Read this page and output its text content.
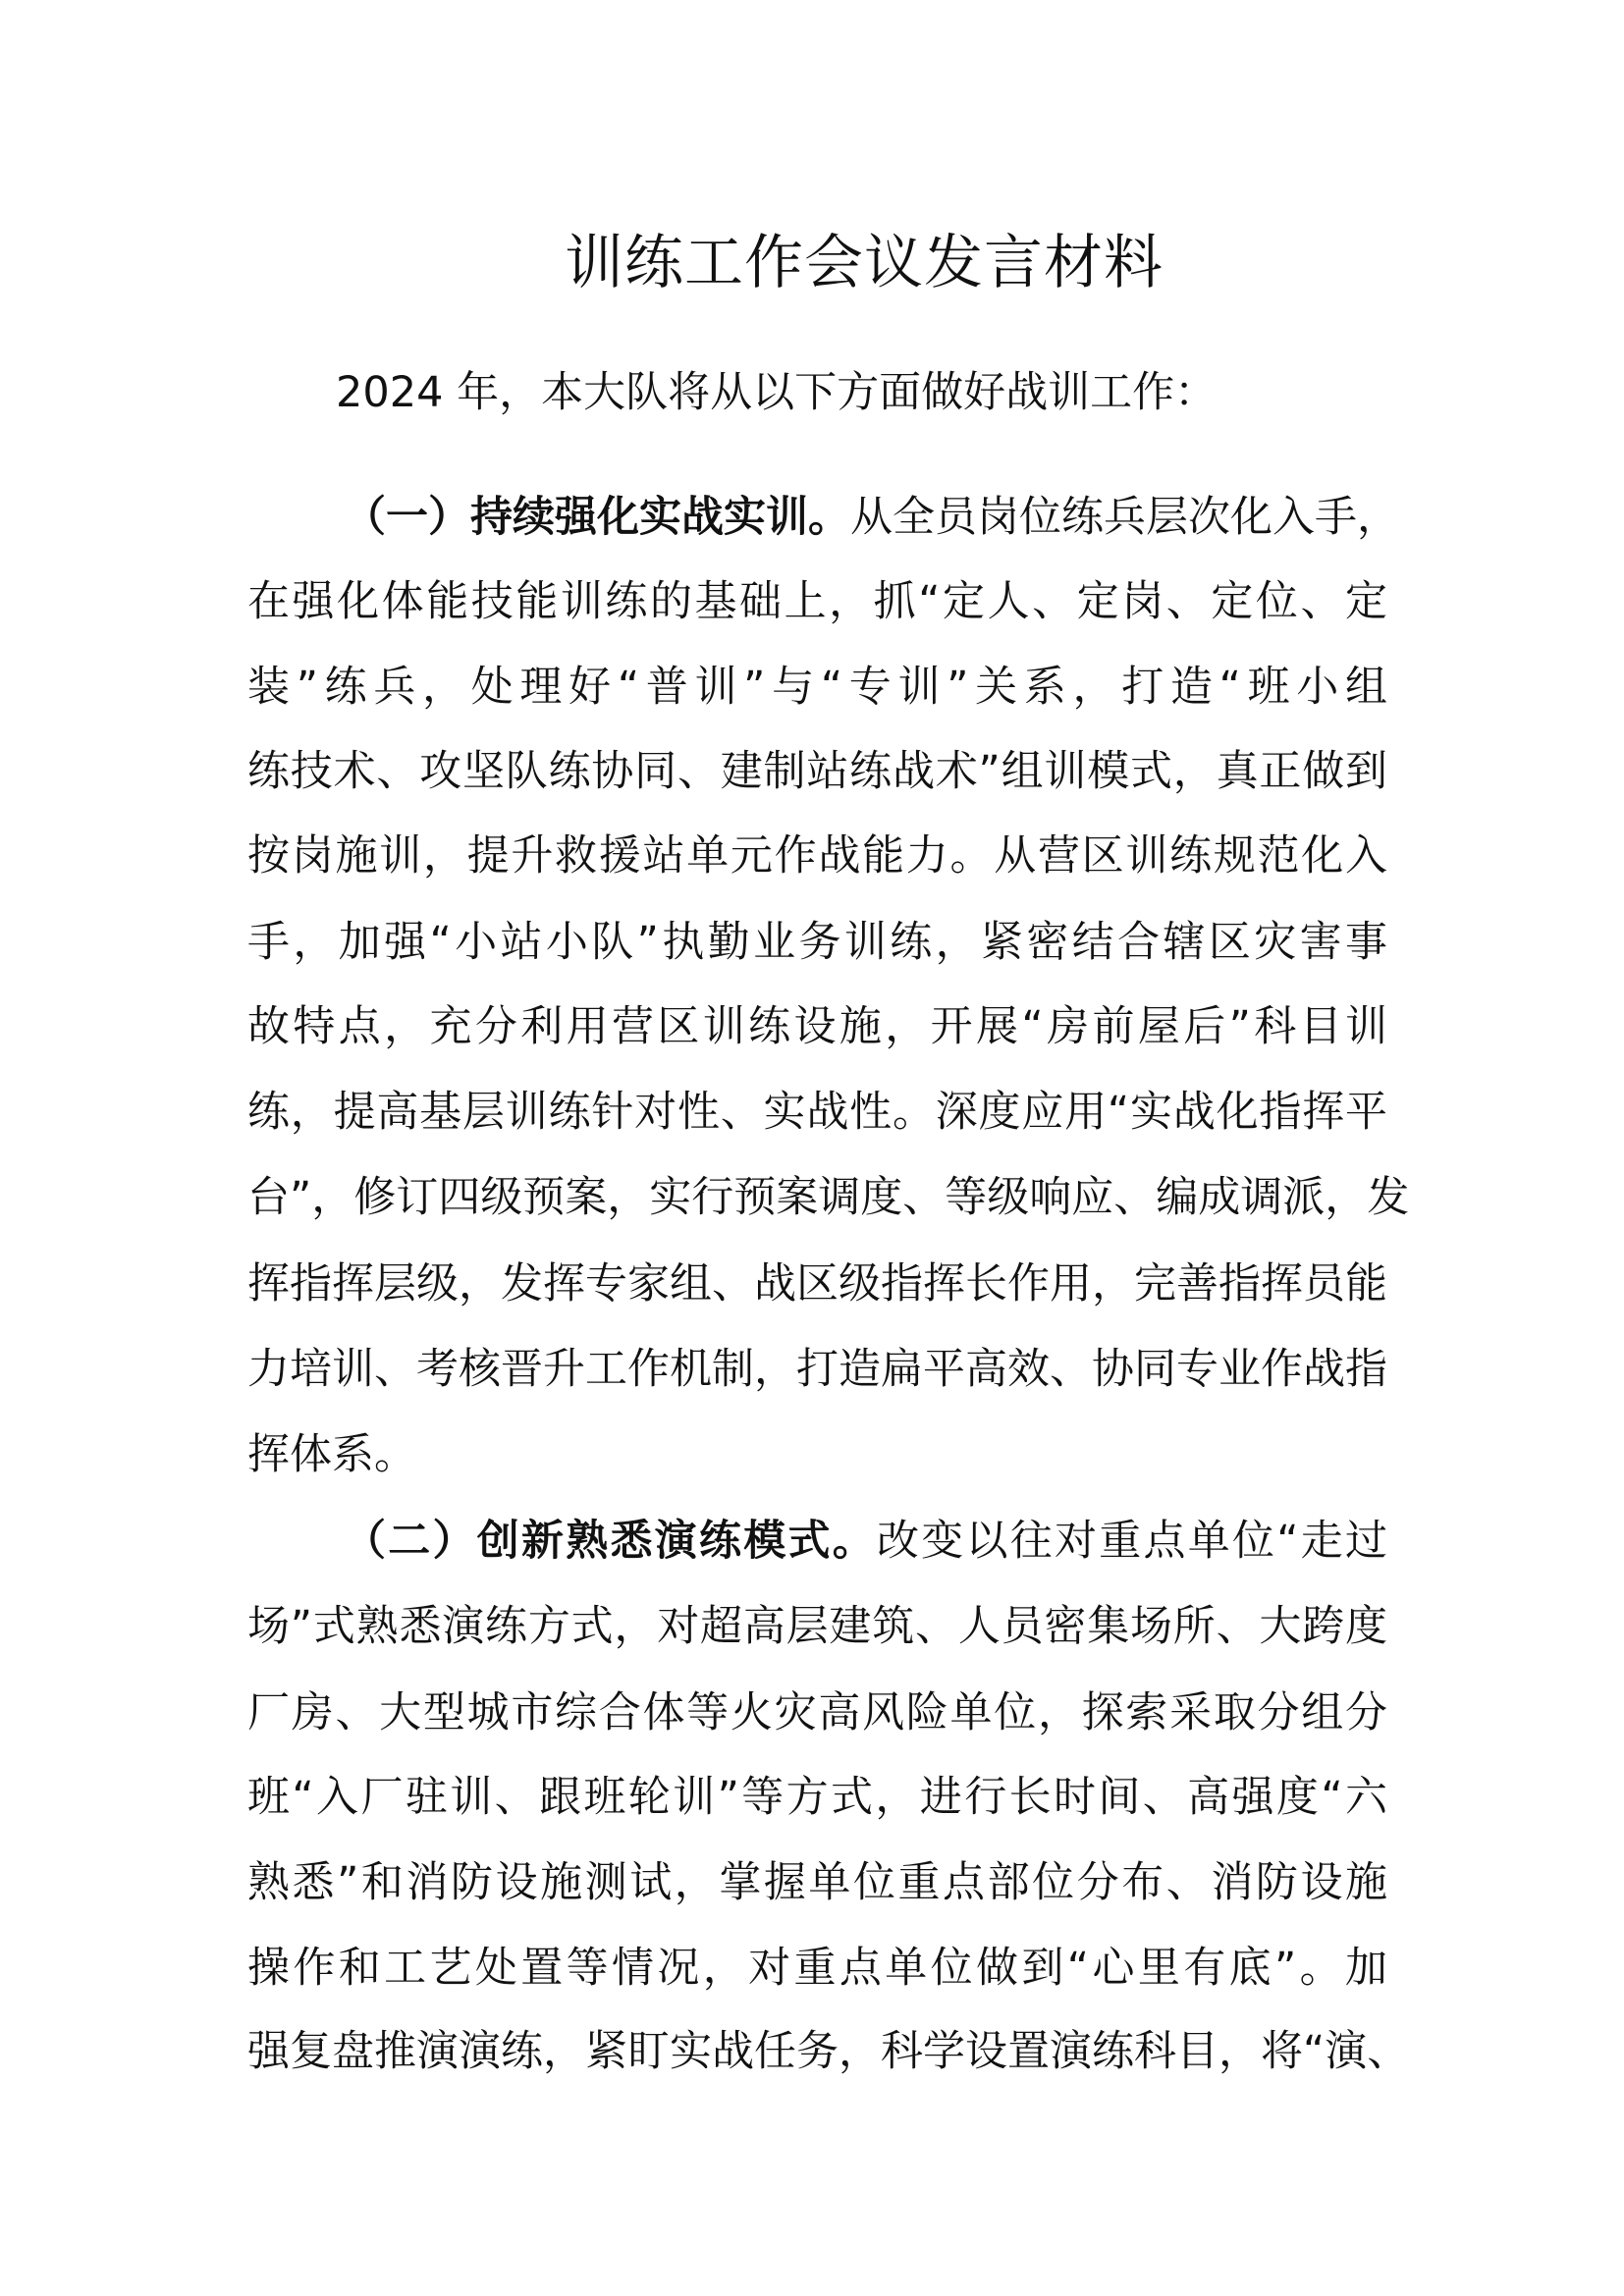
训练工作会议发言材料
2024 年，本大队将从以下方面做好战训工作：
（一）持续强化实战实训。从全员岗位练兵层次化入手，
在强化体能技能训练的基础上，抓“定人、定岗、定位、定
装”练兵，处理好“普训”与“专训”关系，打造“班小组
练技术、攻坚队练协同、建制站练战术”组训模式，真正做到
按岗施训，提升救援站单元作战能力。从营区训练规范化入
手，加强“小站小队”执勤业务训练，紧密结合辖区灾害事
故特点，充分利用营区训练设施，开展“房前屋后”科目训
练，提高基层训练针对性、实战性。深度应用“实战化指挥平
台”，修订四级预案，实行预案调度、等级响应、编成调派，发
挥指挥层级，发挥专家组、战区级指挥长作用，完善指挥员能
力培训、考核晋升工作机制，打造扁平高效、协同专业作战指
挥体系。
（二）创新熟悉演练模式。改变以往对重点单位“走过
场”式熟悉演练方式，对超高层建筑、人员密集场所、大跨度
厂房、大型城市综合体等火灾高风险单位，探索采取分组分
班“入厂驻训、跟班轮训”等方式，进行长时间、高强度“六
熟悉”和消防设施测试，掌握单位重点部位分布、消防设施
操作和工艺处置等情况，对重点单位做到“心里有底”。加
强复盘推演演练，紧盯实战任务，科学设置演练科目，将“演、
